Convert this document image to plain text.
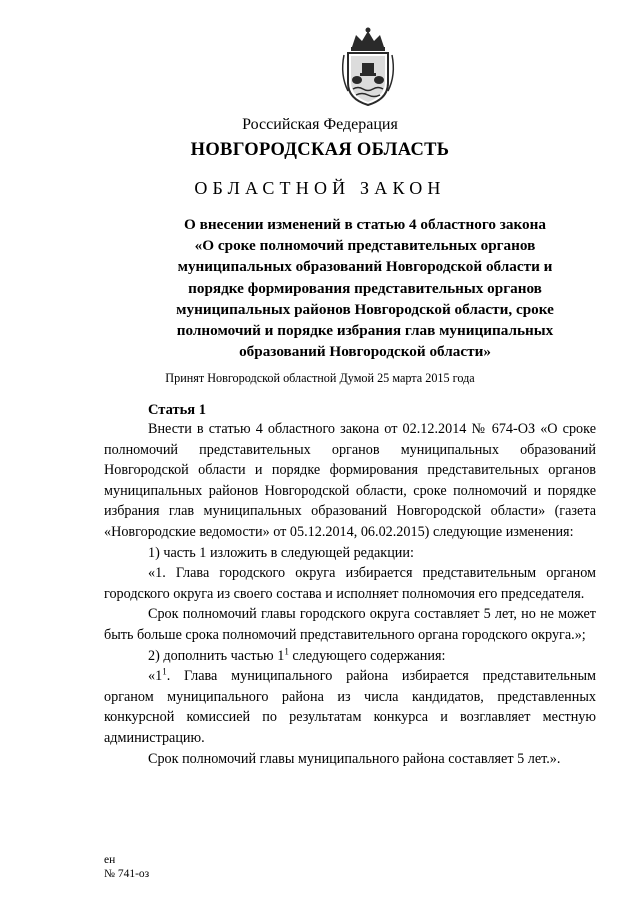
Российская Федерация
НОВГОРОДСКАЯ ОБЛАСТЬ
ОБЛАСТНОЙ ЗАКОН
О внесении изменений в статью 4 областного закона
«О сроке полномочий представительных органов
муниципальных образований Новгородской области и
порядке формирования представительных органов
муниципальных районов Новгородской области, сроке
полномочий и порядке избрания глав муниципальных
образований Новгородской области»
Принят Новгородской областной Думой 25 марта 2015 года
Статья 1

Внести в статью 4 областного закона от 02.12.2014 № 674-ОЗ «О сроке полномочий представительных органов муниципальных образований Новгородской области и порядке формирования представительных органов муниципальных районов Новгородской области, сроке полномочий и порядке избрания глав муниципальных образований Новгородской области» (газета «Новгородские ведомости» от 05.12.2014, 06.02.2015) следующие изменения:

1) часть 1 изложить в следующей редакции:

«1. Глава городского округа избирается представительным органом городского округа из своего состава и исполняет полномочия его председателя.

Срок полномочий главы городского округа составляет 5 лет, но не может быть больше срока полномочий представительного органа городского округа.»;

2) дополнить частью $1^1$ следующего содержания:

«$1^1$. Глава муниципального района избирается представительным органом муниципального района из числа кандидатов, представленных конкурсной комиссией по результатам конкурса и возглавляет местную администрацию.

Срок полномочий главы муниципального района составляет 5 лет.».

ен
№ 741-оз
